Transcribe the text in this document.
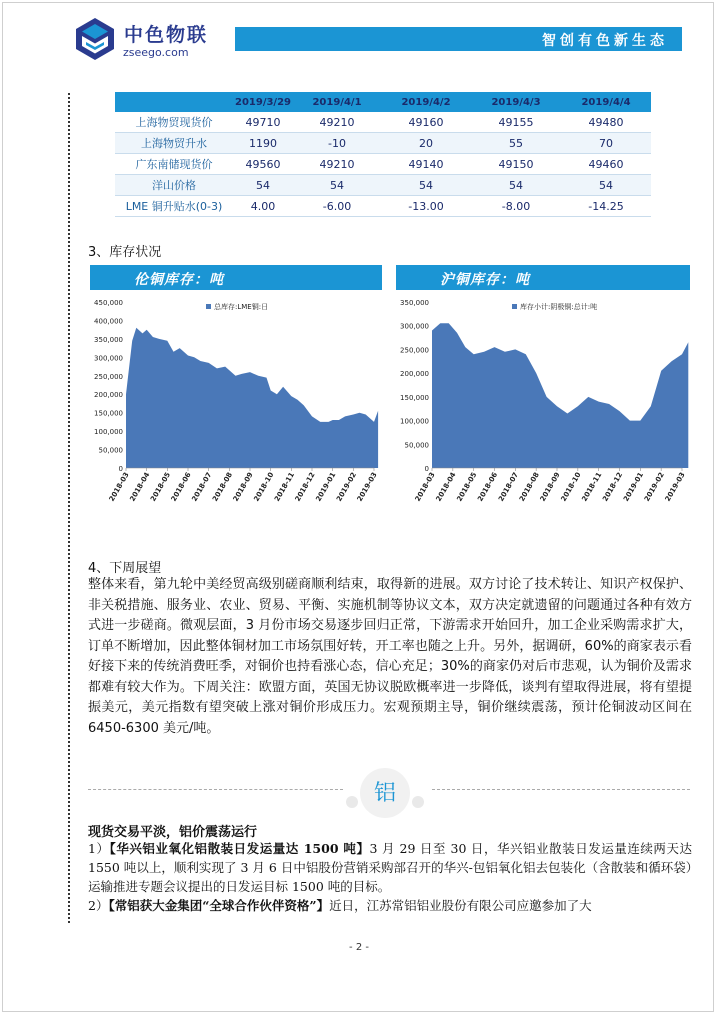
中色物联
zseego.com
智创有色新生态
	2019/3/29	2019/4/1	2019/4/2	2019/4/3	2019/4/4
上海物贸现货价	49710	49210	49160	49155	49480
上海物贸升水	1190	-10	20	55	70
广东南储现货价	49560	49210	49140	49150	49460
洋山价格	54	54	54	54	54
LME 铜升贴水(0-3)	4.00	-6.00	-13.00	-8.00	-14.25
3、库存状况
伦铜库存：吨
0
50,000
100,000
150,000
200,000
250,000
300,000
350,000
400,000
450,000	总库存:LME铜:日
2018-03
2018-04
2018-05
2018-06
2018-07
2018-08
2018-09
2018-10
2018-11
2018-12
2019-01
2019-02
2019-03
沪铜库存：吨
0
50,000
100,000
150,000
200,000
250,000
300,000
350,000	库存小计:阴极铜:总计:吨
2018-03
2018-04
2018-05
2018-06
2018-07
2018-08
2018-09
2018-10
2018-11
2018-12
2019-01
2019-02
2019-03
4、下周展望
整体来看，第九轮中美经贸高级别磋商顺利结束，取得新的进展。双方讨论了技术转让、知识产权保护、非关税措施、服务业、农业、贸易、平衡、实施机制等协议文本，双方决定就遗留的问题通过各种有效方式进一步磋商。微观层面，3 月份市场交易逐步回归正常，下游需求开始回升，加工企业采购需求扩大，订单不断增加，因此整体铜材加工市场氛围好转，开工率也随之上升。另外，据调研，60%的商家表示看好接下来的传统消费旺季，对铜价也持看涨心态，信心充足；30%的商家仍对后市悲观，认为铜价及需求都难有较大作为。下周关注：欧盟方面，英国无协议脱欧概率进一步降低，谈判有望取得进展，将有望提振美元，美元指数有望突破上涨对铜价形成压力。宏观预期主导，铜价继续震荡，预计伦铜波动区间在 6450-6300 美元/吨。
铝
现货交易平淡，铝价震荡运行
1）【华兴铝业氧化铝散装日发运量达 1500 吨】3 月 29 日至 30 日，华兴铝业散装日发运量连续两天达 1550 吨以上，顺利实现了 3 月 6 日中铝股份营销采购部召开的华兴-包铝氧化铝去包装化（含散装和循环袋）运输推进专题会议提出的日发运目标 1500 吨的目标。
2）【常铝获大金集团“全球合作伙伴资格”】近日，江苏常铝铝业股份有限公司应邀参加了大
- 2 -
